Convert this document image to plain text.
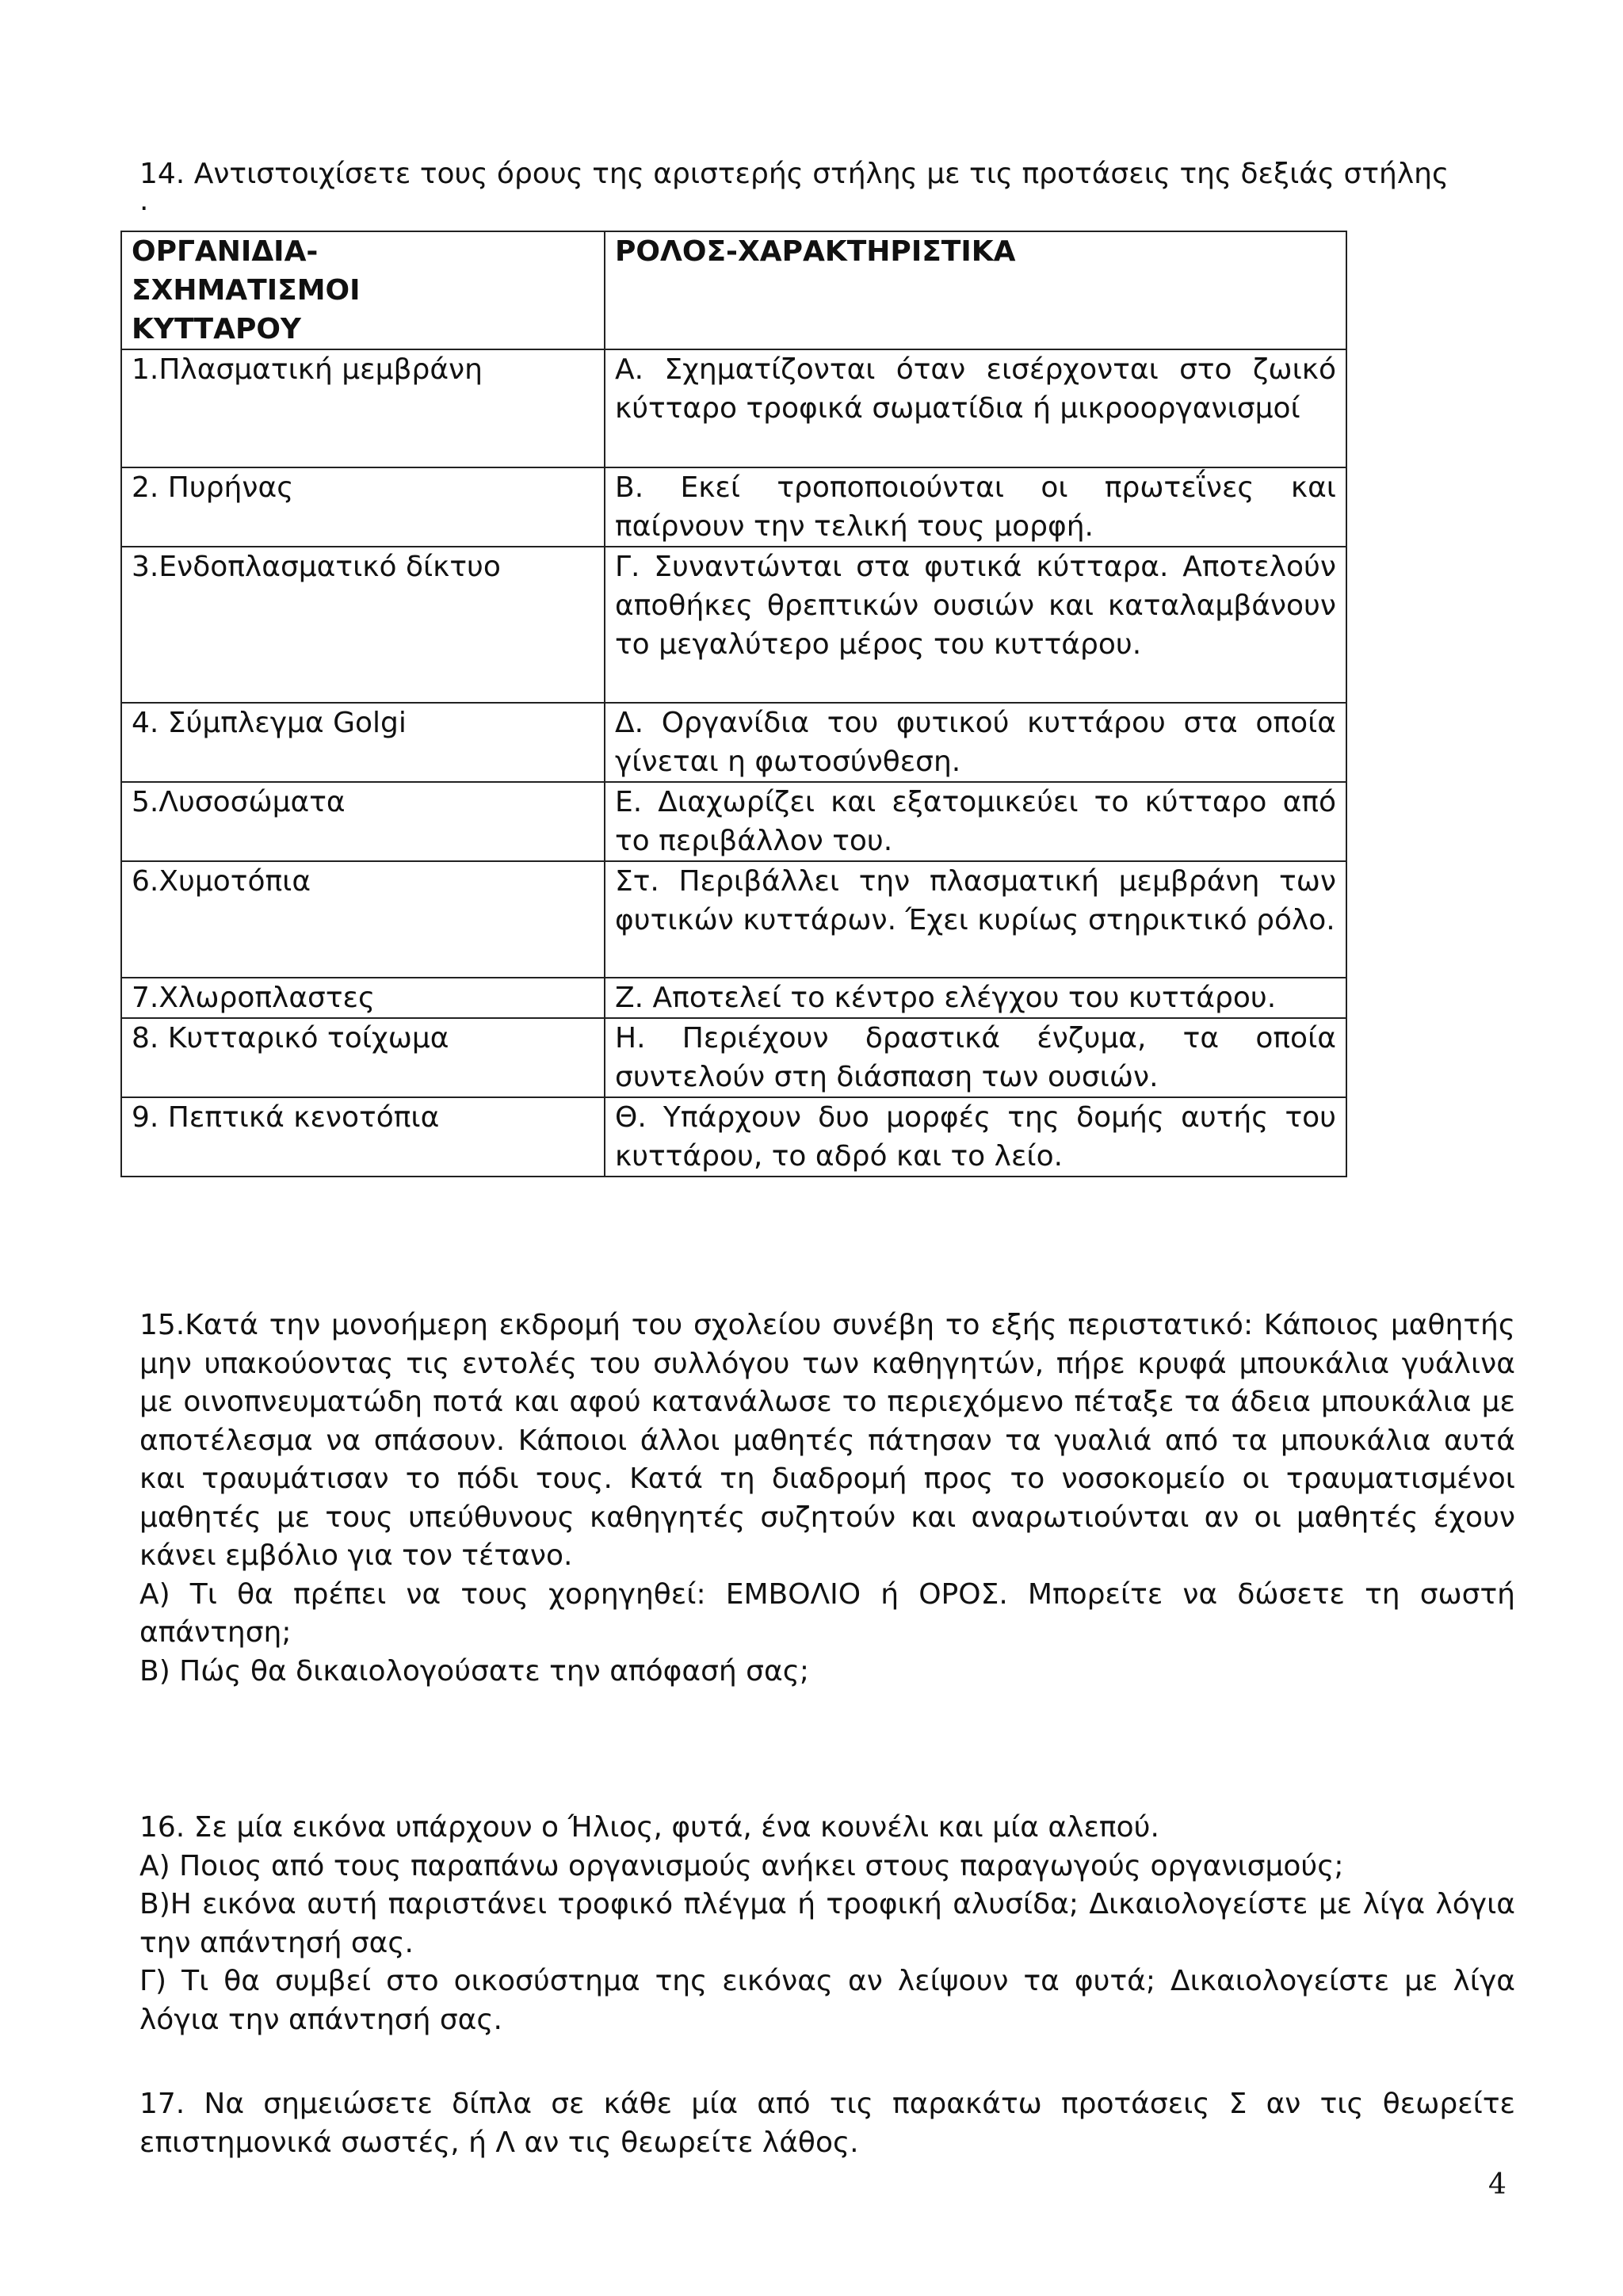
14. Αντιστοιχίσετε τους όρους της αριστερής στήλης με τις προτάσεις της δεξιάς στήλης
.
ΟΡΓΑΝΙΔΙΑ-
ΣΧΗΜΑΤΙΣΜΟΙ
ΚΥΤΤΑΡΟΥ	ΡΟΛΟΣ-ΧΑΡΑΚΤΗΡΙΣΤΙΚΑ
1.Πλασματική μεμβράνη	Α. Σχηματίζονται όταν εισέρχονται στο ζωικό κύτταρο τροφικά σωματίδια ή μικροοργανισμοί
2. Πυρήνας	Β. Εκεί τροποποιούνται οι πρωτεΐνες και παίρνουν την τελική τους μορφή.
3.Ενδοπλασματικό δίκτυο	Γ. Συναντώνται στα φυτικά κύτταρα. Αποτελούν αποθήκες θρεπτικών ουσιών και καταλαμβάνουν το μεγαλύτερο μέρος του κυττάρου.
4. Σύμπλεγμα Golgi	Δ. Οργανίδια του φυτικού κυττάρου στα οποία γίνεται η φωτοσύνθεση.
5.Λυσοσώματα	Ε. Διαχωρίζει και εξατομικεύει το κύτταρο από το περιβάλλον του.
6.Χυμοτόπια	Στ. Περιβάλλει την πλασματική μεμβράνη των φυτικών κυττάρων. Έχει κυρίως στηρικτικό ρόλο.
7.Χλωροπλαστες	Ζ. Αποτελεί το κέντρο ελέγχου του κυττάρου.
8. Κυτταρικό τοίχωμα	Η. Περιέχουν δραστικά ένζυμα, τα οποία συντελούν στη διάσπαση των ουσιών.
9. Πεπτικά κενοτόπια	Θ. Υπάρχουν δυο μορφές της δομής αυτής του κυττάρου, το αδρό και το λείο.

15.Κατά την μονοήμερη εκδρομή του σχολείου συνέβη το εξής περιστατικό: Κάποιος μαθητής μην υπακούοντας τις εντολές του συλλόγου των καθηγητών, πήρε κρυφά μπουκάλια γυάλινα με οινοπνευματώδη ποτά και αφού κατανάλωσε το περιεχόμενο πέταξε τα άδεια μπουκάλια με αποτέλεσμα να σπάσουν. Κάποιοι άλλοι μαθητές πάτησαν τα γυαλιά από τα μπουκάλια αυτά και τραυμάτισαν το πόδι τους. Κατά τη διαδρομή προς το νοσοκομείο οι τραυματισμένοι μαθητές με τους υπεύθυνους καθηγητές συζητούν και αναρωτιούνται αν οι μαθητές έχουν κάνει εμβόλιο για τον τέτανο.

Α) Τι θα πρέπει να τους χορηγηθεί: ΕΜΒΟΛΙΟ ή ΟΡΟΣ. Μπορείτε να δώσετε τη σωστή απάντηση;

Β) Πώς θα δικαιολογούσατε την απόφασή σας;

16. Σε μία εικόνα υπάρχουν ο Ήλιος, φυτά, ένα κουνέλι και μία αλεπού.

Α) Ποιος από τους παραπάνω οργανισμούς ανήκει στους παραγωγούς οργανισμούς;

Β)Η εικόνα αυτή παριστάνει τροφικό πλέγμα ή τροφική αλυσίδα; Δικαιολογείστε με λίγα λόγια την απάντησή σας.

Γ) Τι θα συμβεί στο οικοσύστημα της εικόνας αν λείψουν τα φυτά; Δικαιολογείστε με λίγα λόγια την απάντησή σας.

17. Να σημειώσετε δίπλα σε κάθε μία από τις παρακάτω προτάσεις Σ αν τις θεωρείτε επιστημονικά σωστές, ή Λ αν τις θεωρείτε λάθος.

4
